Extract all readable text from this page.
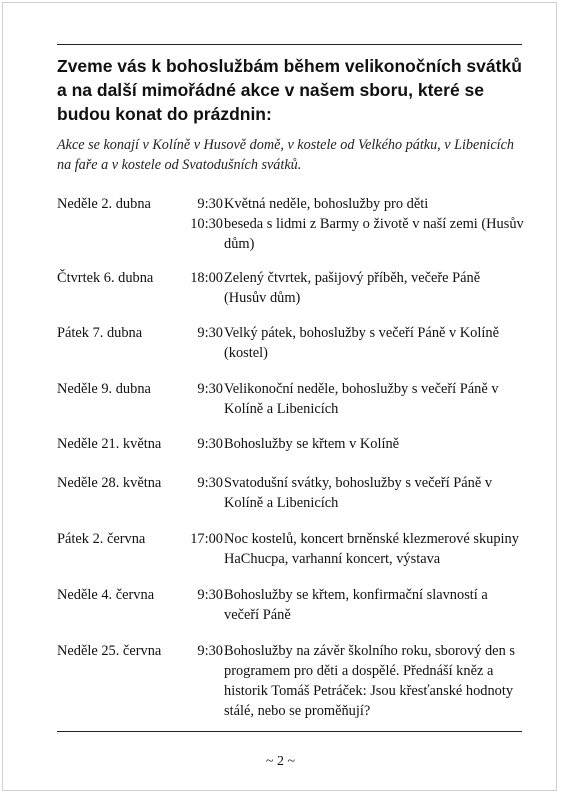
Zveme vás k bohoslužbám během velikonočních svátků a na další mimořádné akce v našem sboru, které se budou konat do prázdnin:

Akce se konají v Kolíně v Husově domě, v kostele od Velkého pátku, v Libenicích na faře a v kostele od Svatodušních svátků.

Neděle 2. dubna	9:30 Květná neděle, bohoslužby pro děti
10:30 beseda s lidmi z Barmy o životě v naší zemi (Husův dům)
Čtvrtek 6. dubna	18:00 Zelený čtvrtek, pašijový příběh, večeře Páně (Husův dům)
Pátek 7. dubna	9:30 Velký pátek, bohoslužby s večeří Páně v Kolíně (kostel)
Neděle 9. dubna	9:30 Velikonoční neděle, bohoslužby s večeří Páně v Kolíně a Libenicích
Neděle 21. května	9:30 Bohoslužby se křtem v Kolíně
Neděle 28. května	9:30 Svatodušní svátky, bohoslužby s večeří Páně v Kolíně a Libenicích
Pátek 2. června	17:00 Noc kostelů, koncert brněnské klezmerové skupiny HaChucpa, varhanní koncert, výstava
Neděle 4. června	9:30 Bohoslužby se křtem, konfirmační slavností a večeří Páně
Neděle 25. června	9:30 Bohoslužby na závěr školního roku, sborový den s programem pro děti a dospělé. Přednáší kněz a historik Tomáš Petráček: Jsou křesťanské hodnoty stálé, nebo se proměňují?
~ 2 ~
